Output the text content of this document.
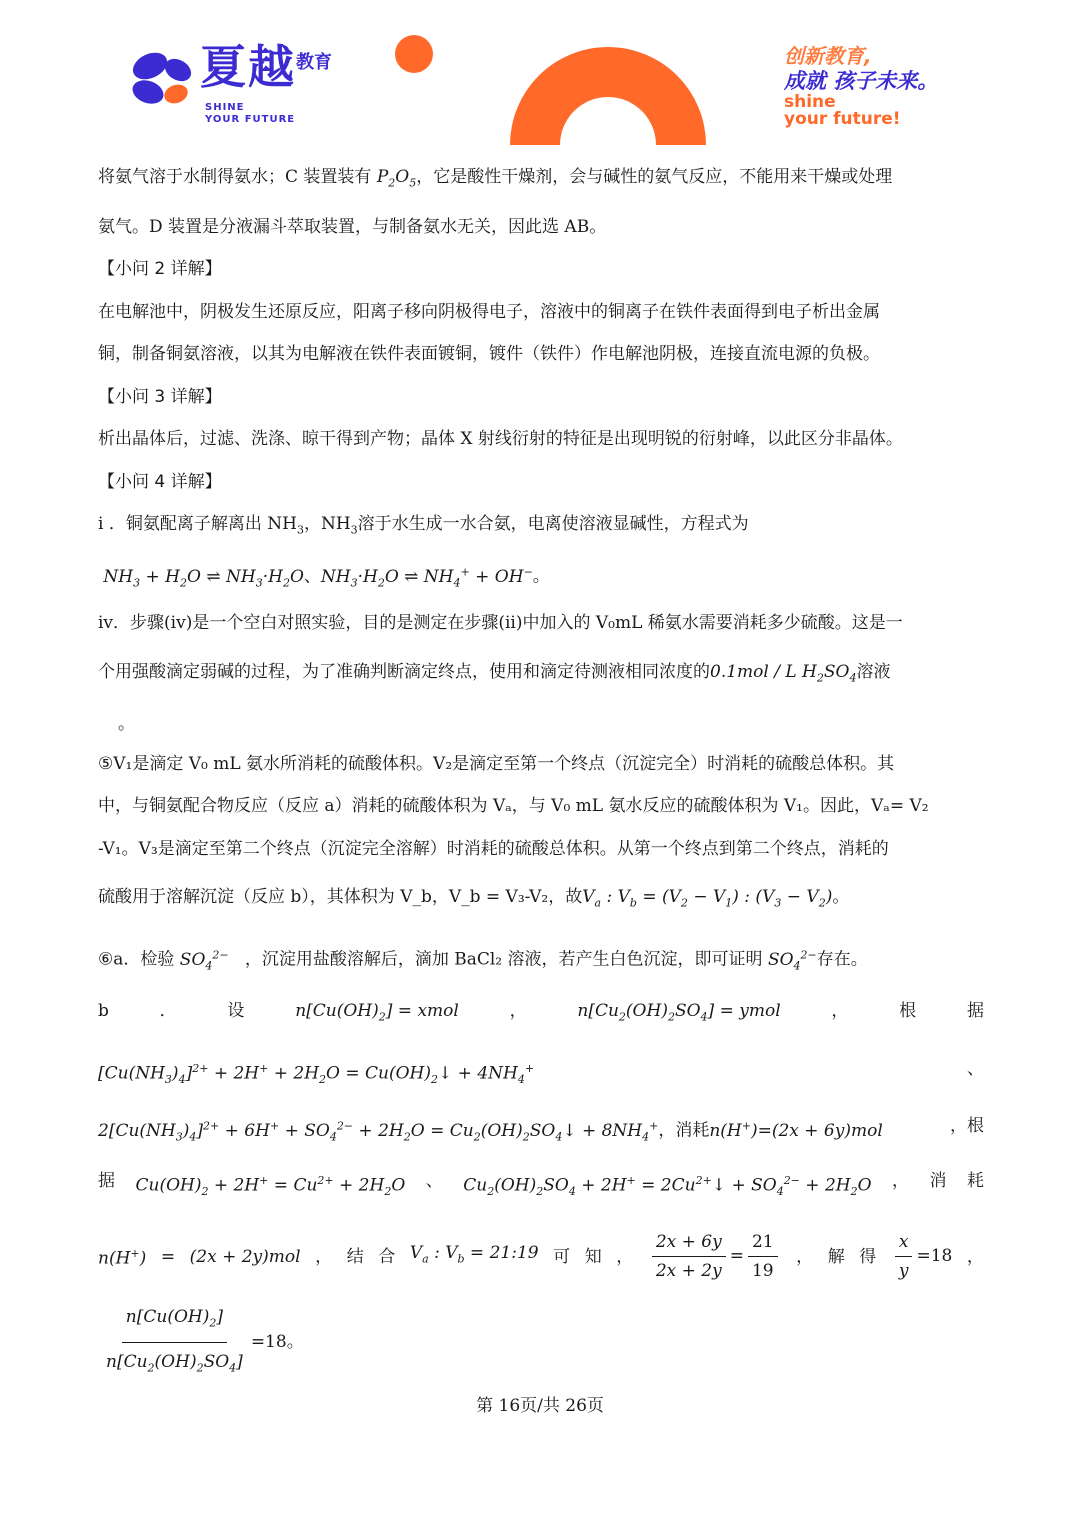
夏越 教育
SHINE
YOUR FUTURE
创新教育,
成就 孩子未来。
shine
your future!
将氨气溶于水制得氨水；C 装置装有 $P_2O_5$，它是酸性干燥剂，会与碱性的氨气反应，不能用来干燥或处理
氨气。D 装置是分液漏斗萃取装置，与制备氨水无关，因此选 AB。
【小问 2 详解】
在电解池中，阴极发生还原反应，阳离子移向阴极得电子，溶液中的铜离子在铁件表面得到电子析出金属
铜，制备铜氨溶液，以其为电解液在铁件表面镀铜，镀件（铁件）作电解池阴极，连接直流电源的负极。
【小问 3 详解】
析出晶体后，过滤、洗涤、晾干得到产物；晶体 X 射线衍射的特征是出现明锐的衍射峰，以此区分非晶体。
【小问 4 详解】
i ．铜氨配离子解离出 $NH_3$，$NH_3$溶于水生成一水合氨，电离使溶液显碱性，方程式为
$NH_3 + H_2O$ ⇌ $NH_3\cdot H_2O$、$NH_3\cdot H_2O$ ⇌ $NH_4^+ + OH^-$。
iv．步骤(iv)是一个空白对照实验，目的是测定在步骤(ii)中加入的 V₀mL 稀氨水需要消耗多少硫酸。这是一
个用强酸滴定弱碱的过程，为了准确判断滴定终点，使用和滴定待测液相同浓度的0.1mol / L $H_2SO_4$溶液
。
⑤V₁是滴定 V₀ mL 氨水所消耗的硫酸体积。V₂是滴定至第一个终点（沉淀完全）时消耗的硫酸总体积。其
中，与铜氨配合物反应（反应 a）消耗的硫酸体积为 Vₐ，与 V₀ mL 氨水反应的硫酸体积为 V₁。因此，Vₐ= V₂
-V₁。V₃是滴定至第二个终点（沉淀完全溶解）时消耗的硫酸总体积。从第一个终点到第二个终点，消耗的
硫酸用于溶解沉淀（反应 b），其体积为 V_b，V_b = V₃-V₂，故$V_a$ : $V_b = (V_2 - V_1)$ : $(V_3 - V_2)$。
⑥a．检验 $SO_4^{2-}$ ，沉淀用盐酸溶解后，滴加 BaCl₂ 溶液，若产生白色沉淀，即可证明 $SO_4^{2-}$存在。
b	．	设	$n[Cu(OH)_2]$ = xmol	，	$n[Cu_2(OH)_2SO_4]$ = ymol	，	根	据
$[Cu(NH_3)_4]^{2+} + 2H^+ + 2H_2O$ = $Cu(OH)_2↓ + 4NH_4^+$	、
$2[Cu(NH_3)_4]^{2+} + 6H^+ + SO_4^{2-} + 2H_2O$ = $Cu_2(OH)_2SO_4↓ + 8NH_4^+$，消耗n(H+)=(2x + 6y)mol	，根
据 $Cu(OH)_2 + 2H^+ = Cu^{2+} + 2H_2O$ 、 $Cu_2(OH)_2SO_4 + 2H^+$ = $2Cu^{2+}↓ + SO_4^{2-} + 2H_2O$ ， 消 耗
n(H+) = (2x + 2y)mol ， 结 合 $V_a$ : $V_b$ = 21:19 可 知 ， $\frac{2x + 6y}{2x + 2y} = \frac{21}{19}$ ， 解 得 $\frac{x}{y} =18$ ，
$\frac{n[Cu(OH)_2]}{n[Cu_2(OH)_2SO_4]} =18$。
第 16页/共 26页
